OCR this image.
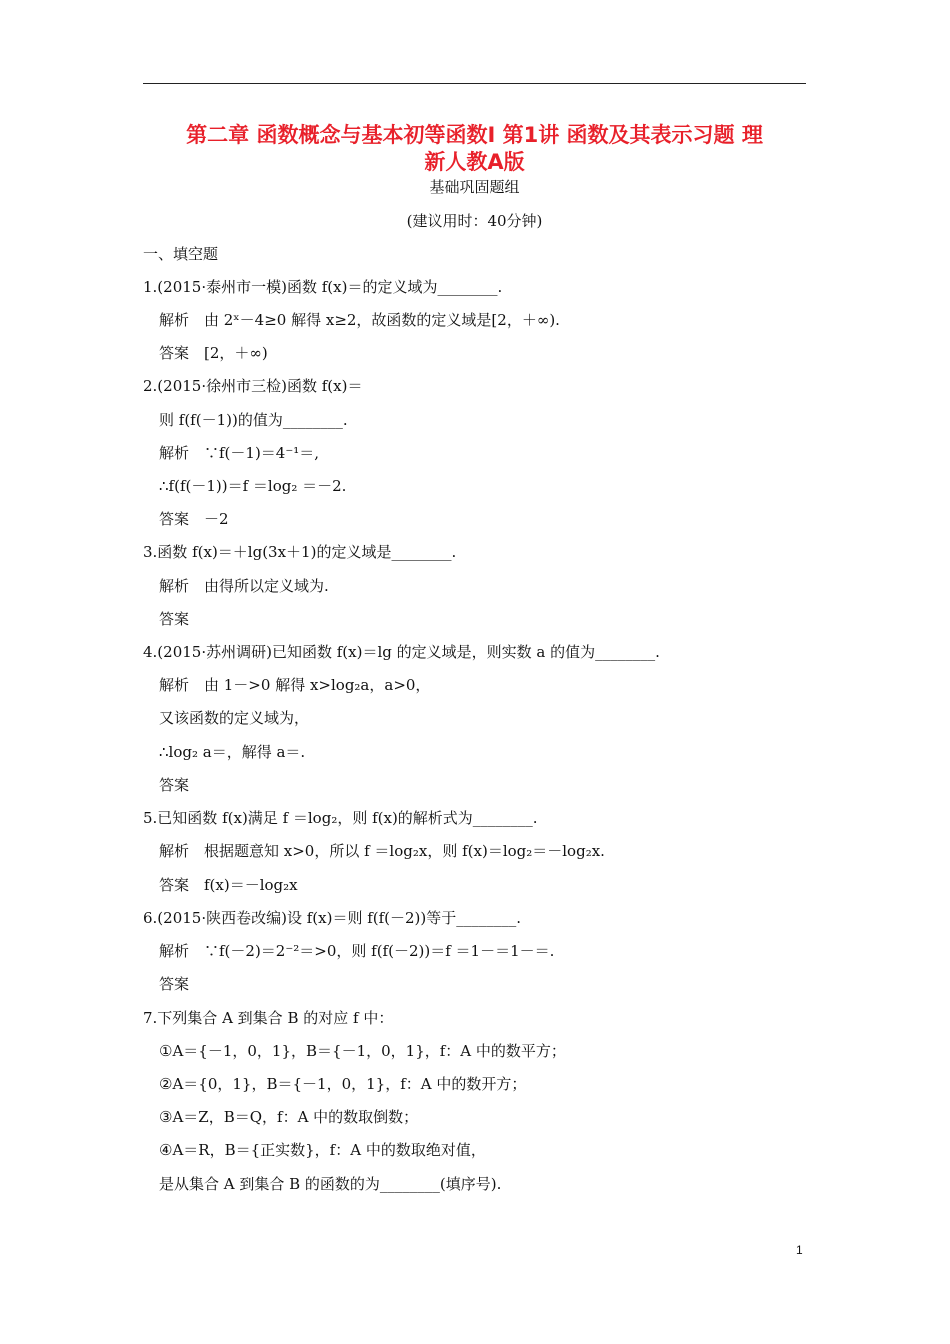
第二章 函数概念与基本初等函数Ⅰ 第1讲 函数及其表示习题 理
新人教A版
基础巩固题组
(建议用时：40分钟)
一、填空题
1.(2015·泰州市一模)函数 f(x)＝的定义域为________.
解析　由 2ˣ－4≥0 解得 x≥2，故函数的定义域是[2，＋∞).
答案　[2，＋∞)
2.(2015·徐州市三检)函数 f(x)＝
则 f(f(－1))的值为________.
解析　∵f(－1)＝4⁻¹＝,
∴f(f(－1))＝f ＝log₂ ＝－2.
答案　－2
3.函数 f(x)＝＋lg(3x＋1)的定义域是________.
解析　由得所以定义域为.
答案
4.(2015·苏州调研)已知函数 f(x)＝lg 的定义域是，则实数 a 的值为________.
解析　由 1－>0 解得 x>log₂a，a>0，
又该函数的定义域为，
∴log₂ a＝，解得 a＝.
答案
5.已知函数 f(x)满足 f ＝log₂，则 f(x)的解析式为________.
解析　根据题意知 x>0，所以 f ＝log₂x，则 f(x)＝log₂＝－log₂x.
答案　f(x)＝－log₂x
6.(2015·陕西卷改编)设 f(x)＝则 f(f(－2))等于________.
解析　∵f(－2)＝2⁻²＝>0，则 f(f(－2))＝f ＝1－＝1－＝.
答案
7.下列集合 A 到集合 B 的对应 f 中：
①A＝{－1，0，1}，B＝{－1，0，1}，f：A 中的数平方；
②A＝{0，1}，B＝{－1，0，1}，f：A 中的数开方；
③A＝Z，B＝Q，f：A 中的数取倒数；
④A＝R，B＝{正实数}，f：A 中的数取绝对值，
是从集合 A 到集合 B 的函数的为________(填序号).
1
